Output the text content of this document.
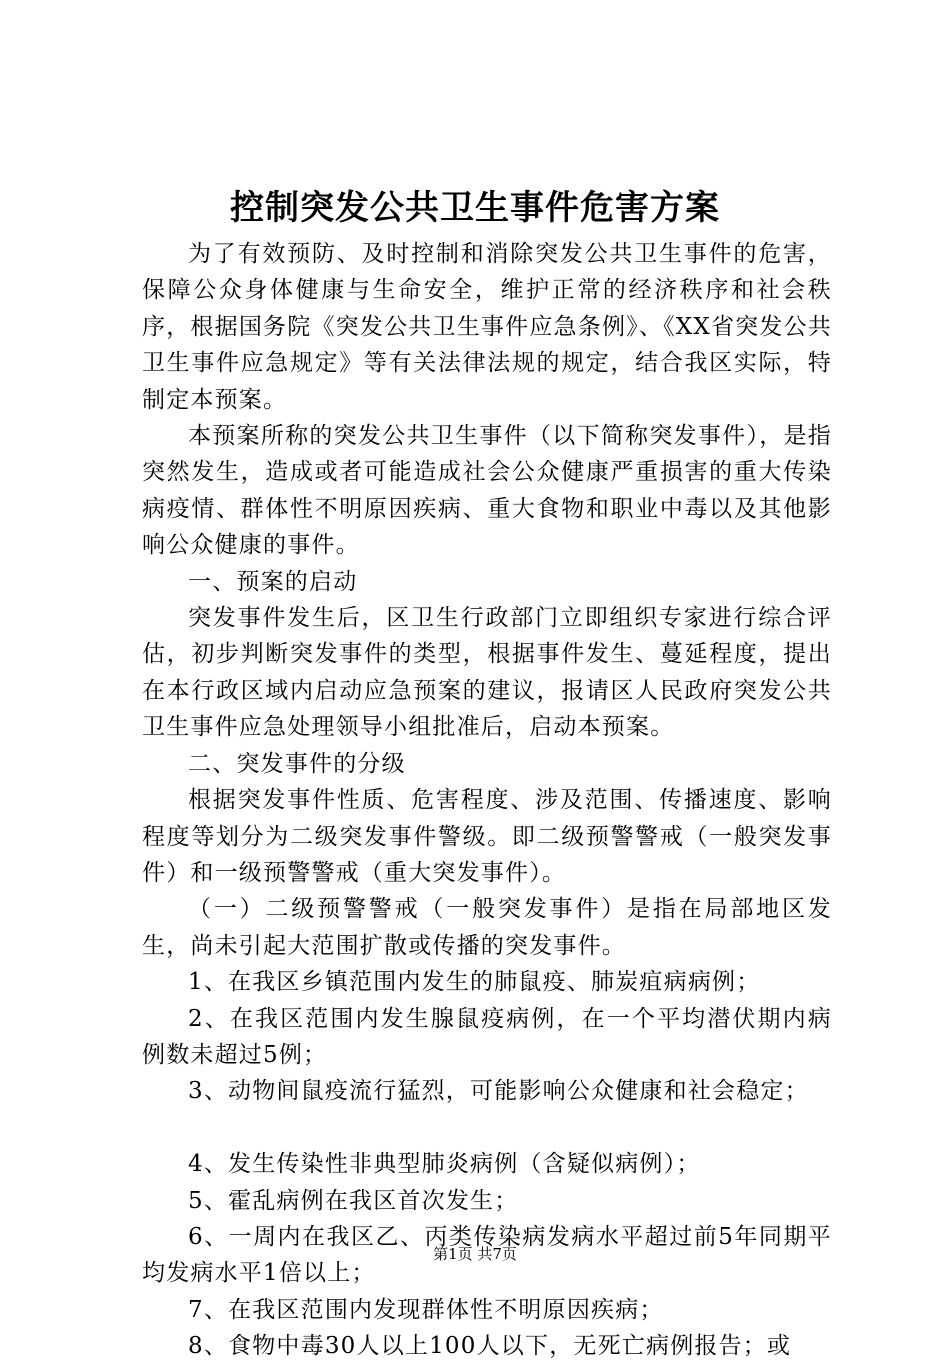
控制突发公共卫生事件危害方案

为了有效预防、及时控制和消除突发公共卫生事件的危害，保障公众身体健康与生命安全，维护正常的经济秩序和社会秩序，根据国务院《突发公共卫生事件应急条例》、《XX省突发公共卫生事件应急规定》等有关法律法规的规定，结合我区实际，特制定本预案。

本预案所称的突发公共卫生事件（以下简称突发事件），是指突然发生，造成或者可能造成社会公众健康严重损害的重大传染病疫情、群体性不明原因疾病、重大食物和职业中毒以及其他影响公众健康的事件。

一、预案的启动

突发事件发生后，区卫生行政部门立即组织专家进行综合评估，初步判断突发事件的类型，根据事件发生、蔓延程度，提出在本行政区域内启动应急预案的建议，报请区人民政府突发公共卫生事件应急处理领导小组批准后，启动本预案。

二、突发事件的分级

根据突发事件性质、危害程度、涉及范围、传播速度、影响程度等划分为二级突发事件警级。即二级预警警戒（一般突发事件）和一级预警警戒（重大突发事件）。

（一）二级预警警戒（一般突发事件）是指在局部地区发生，尚未引起大范围扩散或传播的突发事件。

1、在我区乡镇范围内发生的肺鼠疫、肺炭疽病病例；

2、在我区范围内发生腺鼠疫病例，在一个平均潜伏期内病例数未超过5例；

3、动物间鼠疫流行猛烈，可能影响公众健康和社会稳定；

4、发生传染性非典型肺炎病例（含疑似病例）；

5、霍乱病例在我区首次发生；

6、一周内在我区乙、丙类传染病发病水平超过前5年同期平均发病水平1倍以上；

7、在我区范围内发现群体性不明原因疾病；

8、食物中毒30人以上100人以下，无死亡病例报告；或

第1页 共7页
